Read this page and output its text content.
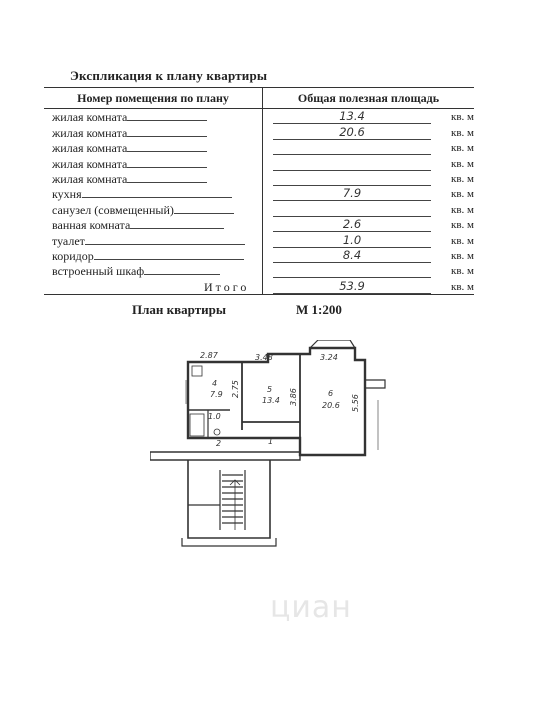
Экспликация к плану квартиры
Номер помещения по плану	Общая полезная площадь	
жилая комната	13.4	кв. м
жилая комната	20.6	кв. м
жилая комната		кв. м
жилая комната		кв. м
жилая комната		кв. м
кухня	7.9	кв. м
санузел (совмещенный)		кв. м
ванная комната	2.6	кв. м
туалет	1.0	кв. м
коридор	8.4	кв. м
встроенный шкаф		кв. м
Итого	53.9	кв. м
План квартиры	М 1:200
2.87	3.48	3.24
4
7.9 2.75	5
13.4 3.86	6
20.6 5.56
1.0
2	1
циан
